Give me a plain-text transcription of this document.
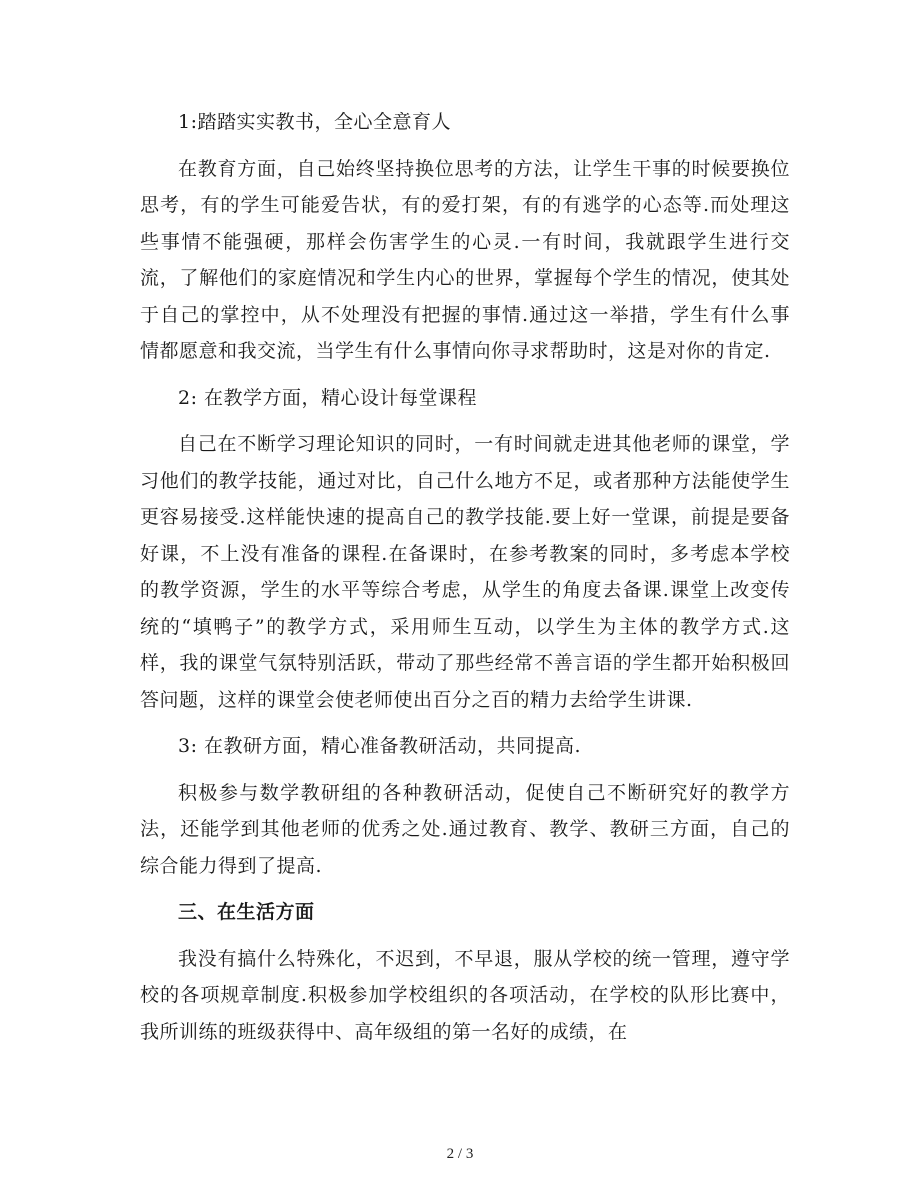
1:踏踏实实教书，全心全意育人

在教育方面，自己始终坚持换位思考的方法，让学生干事的时候要换位思考，有的学生可能爱告状，有的爱打架，有的有逃学的心态等.而处理这些事情不能强硬，那样会伤害学生的心灵.一有时间，我就跟学生进行交流，了解他们的家庭情况和学生内心的世界，掌握每个学生的情况，使其处于自己的掌控中，从不处理没有把握的事情.通过这一举措，学生有什么事情都愿意和我交流，当学生有什么事情向你寻求帮助时，这是对你的肯定.

2: 在教学方面，精心设计每堂课程

自己在不断学习理论知识的同时，一有时间就走进其他老师的课堂，学习他们的教学技能，通过对比，自己什么地方不足，或者那种方法能使学生更容易接受.这样能快速的提高自己的教学技能.要上好一堂课，前提是要备好课，不上没有准备的课程.在备课时，在参考教案的同时，多考虑本学校的教学资源，学生的水平等综合考虑，从学生的角度去备课.课堂上改变传统的“填鸭子”的教学方式，采用师生互动，以学生为主体的教学方式.这样，我的课堂气氛特别活跃，带动了那些经常不善言语的学生都开始积极回答问题，这样的课堂会使老师使出百分之百的精力去给学生讲课.

3: 在教研方面，精心准备教研活动，共同提高.

积极参与数学教研组的各种教研活动，促使自己不断研究好的教学方法，还能学到其他老师的优秀之处.通过教育、教学、教研三方面，自己的综合能力得到了提高.

三、在生活方面

我没有搞什么特殊化，不迟到，不早退，服从学校的统一管理，遵守学校的各项规章制度.积极参加学校组织的各项活动，在学校的队形比赛中，我所训练的班级获得中、高年级组的第一名好的成绩，在

2 / 3
